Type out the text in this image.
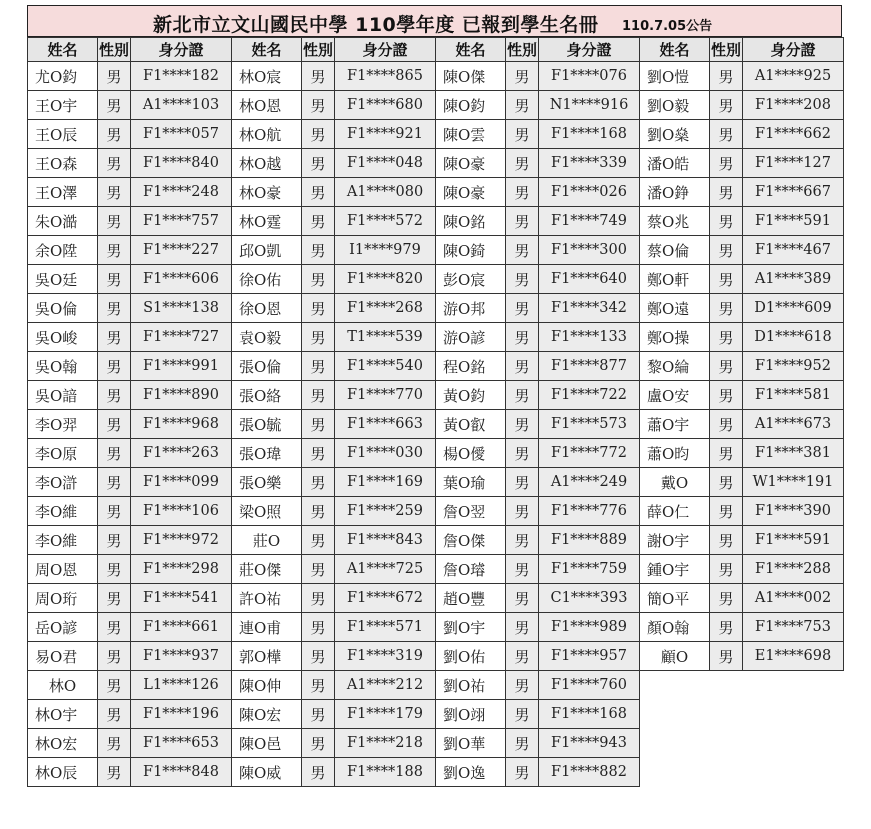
新北市立文山國民中學 110學年度 已報到學生名冊 110.7.05公告
姓名	性別	身分證	姓名	性別	身分證	姓名	性別	身分證	姓名	性別	身分證
尤O鈞	男	F1****182	林O宸	男	F1****865	陳O傑	男	F1****076	劉O愷	男	A1****925
王O宇	男	A1****103	林O恩	男	F1****680	陳O鈞	男	N1****916	劉O毅	男	F1****208
王O辰	男	F1****057	林O航	男	F1****921	陳O雲	男	F1****168	劉O燊	男	F1****662
王O森	男	F1****840	林O越	男	F1****048	陳O豪	男	F1****339	潘O皓	男	F1****127
王O澤	男	F1****248	林O豪	男	A1****080	陳O豪	男	F1****026	潘O錚	男	F1****667
朱O澔	男	F1****757	林O霆	男	F1****572	陳O銘	男	F1****749	蔡O兆	男	F1****591
余O陞	男	F1****227	邱O凱	男	I1****979	陳O錡	男	F1****300	蔡O倫	男	F1****467
吳O廷	男	F1****606	徐O佑	男	F1****820	彭O宸	男	F1****640	鄭O軒	男	A1****389
吳O倫	男	S1****138	徐O恩	男	F1****268	游O邦	男	F1****342	鄭O遠	男	D1****609
吳O峻	男	F1****727	袁O毅	男	T1****539	游O諺	男	F1****133	鄭O操	男	D1****618
吳O翰	男	F1****991	張O倫	男	F1****540	程O銘	男	F1****877	黎O綸	男	F1****952
吳O諳	男	F1****890	張O絡	男	F1****770	黃O鈞	男	F1****722	盧O安	男	F1****581
李O羿	男	F1****968	張O毓	男	F1****663	黃O叡	男	F1****573	蕭O宇	男	A1****673
李O原	男	F1****263	張O瑋	男	F1****030	楊O僾	男	F1****772	蕭O昀	男	F1****381
李O滸	男	F1****099	張O樂	男	F1****169	葉O瑜	男	A1****249	戴O	男	W1****191
李O維	男	F1****106	梁O照	男	F1****259	詹O翌	男	F1****776	薛O仁	男	F1****390
李O維	男	F1****972	莊O	男	F1****843	詹O傑	男	F1****889	謝O宇	男	F1****591
周O恩	男	F1****298	莊O傑	男	A1****725	詹O璿	男	F1****759	鍾O宇	男	F1****288
周O珩	男	F1****541	許O祐	男	F1****672	趙O豐	男	C1****393	簡O平	男	A1****002
岳O諺	男	F1****661	連O甫	男	F1****571	劉O宇	男	F1****989	顏O翰	男	F1****753
易O君	男	F1****937	郭O樺	男	F1****319	劉O佑	男	F1****957	顧O	男	E1****698
林O	男	L1****126	陳O伸	男	A1****212	劉O祐	男	F1****760			
林O宇	男	F1****196	陳O宏	男	F1****179	劉O翊	男	F1****168			
林O宏	男	F1****653	陳O邑	男	F1****218	劉O華	男	F1****943			
林O辰	男	F1****848	陳O威	男	F1****188	劉O逸	男	F1****882			
